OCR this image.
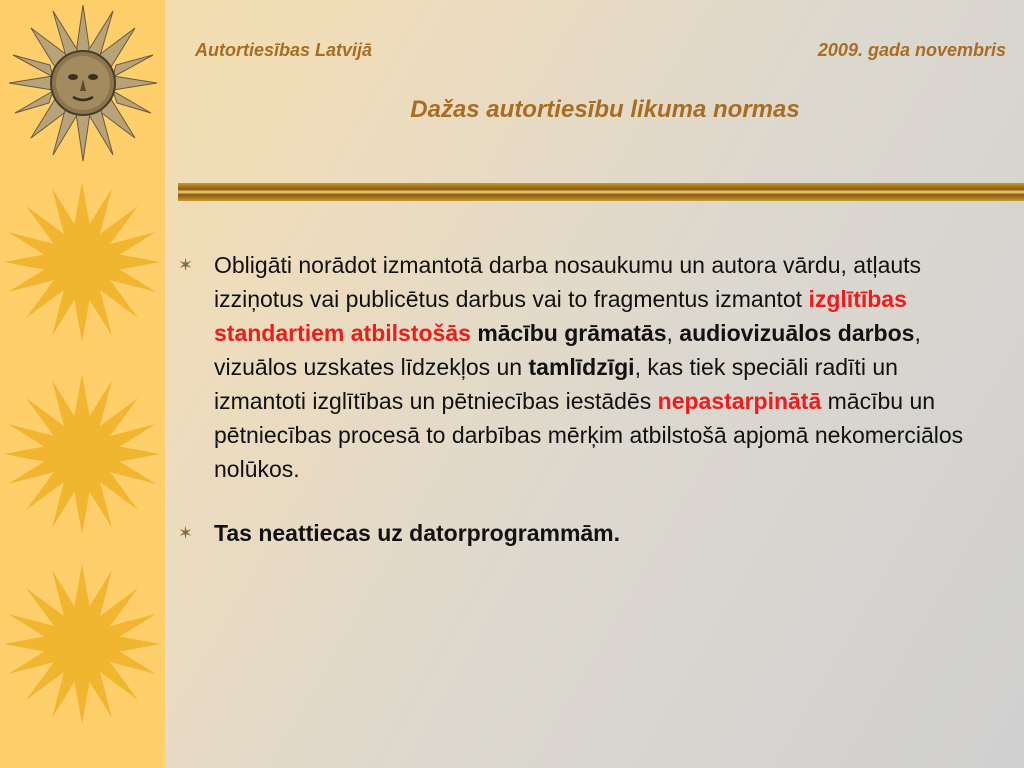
Autortiesības Latvijā	2009. gada novembris
Dažas autortiesību likuma normas
✶ Obligāti norādot izmantotā darba nosaukumu un autora vārdu, atļauts izziņotus vai publicētus darbus vai to fragmentus izmantot izglītības standartiem atbilstošās mācību grāmatās, audiovizuālos darbos, vizuālos uzskates līdzekļos un tamlīdzīgi, kas tiek speciāli radīti un izmantoti izglītības un pētniecības iestādēs nepastarpinātā mācību un pētniecības procesā to darbības mērķim atbilstošā apjomā nekomerciālos nolūkos.
✶ Tas neattiecas uz datorprogrammām.
